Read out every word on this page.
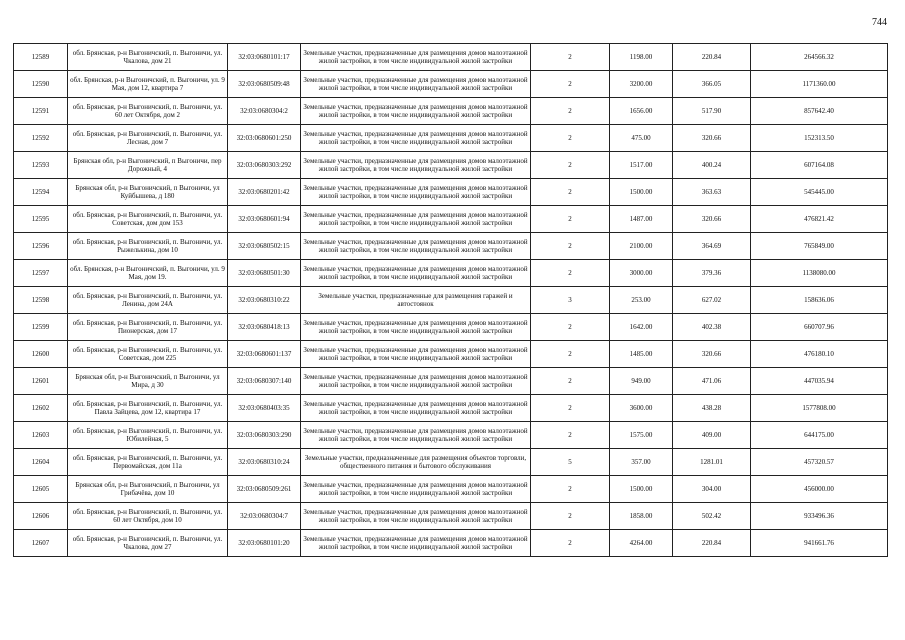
744
12589	обл. Брянская, р-н Выгоничский, п. Выгоничи, ул. Чкалова, дом 21	32:03:0680101:17	Земельные участки, предназначенные для размещения домов малоэтажной жилой застройки, в том числе индивидуальной жилой застройки	2	1198.00	220.84	264566.32
12590	обл. Брянская, р-н Выгоничский, п. Выгоничи, ул. 9 Мая, дом 12, квартира 7	32:03:0680509:48	Земельные участки, предназначенные для размещения домов малоэтажной жилой застройки, в том числе индивидуальной жилой застройки	2	3200.00	366.05	1171360.00
12591	обл. Брянская, р-н Выгоничский, п. Выгоничи, ул. 60 лет Октября, дом 2	32:03:0680304:2	Земельные участки, предназначенные для размещения домов малоэтажной жилой застройки, в том числе индивидуальной жилой застройки	2	1656.00	517.90	857642.40
12592	обл. Брянская, р-н Выгоничский, п. Выгоничи, ул. Лесная, дом 7	32:03:0680601:250	Земельные участки, предназначенные для размещения домов малоэтажной жилой застройки, в том числе индивидуальной жилой застройки	2	475.00	320.66	152313.50
12593	Брянская обл, р-н Выгоничский, п Выгоничи, пер Дорожный, 4	32:03:0680303:292	Земельные участки, предназначенные для размещения домов малоэтажной жилой застройки, в том числе индивидуальной жилой застройки	2	1517.00	400.24	607164.08
12594	Брянская обл, р-н Выгоничский, п Выгоничи, ул Куйбышева, д 180	32:03:0680201:42	Земельные участки, предназначенные для размещения домов малоэтажной жилой застройки, в том числе индивидуальной жилой застройки	2	1500.00	363.63	545445.00
12595	обл. Брянская, р-н Выгоничский, п. Выгоничи, ул. Советская, дом дом 153	32:03:0680601:94	Земельные участки, предназначенные для размещения домов малоэтажной жилой застройки, в том числе индивидуальной жилой застройки	2	1487.00	320.66	476821.42
12596	обл. Брянская, р-н Выгоничский, п. Выгоничи, ул. Рыжелькина, дом 10	32:03:0680502:15	Земельные участки, предназначенные для размещения домов малоэтажной жилой застройки, в том числе индивидуальной жилой застройки	2	2100.00	364.69	765849.00
12597	обл. Брянская, р-н Выгоничский, п. Выгоничи, ул. 9 Мая, дом 19.	32:03:0680501:30	Земельные участки, предназначенные для размещения домов малоэтажной жилой застройки, в том числе индивидуальной жилой застройки	2	3000.00	379.36	1138080.00
12598	обл. Брянская, р-н Выгоничский, п. Выгоничи, ул. Ленина, дом 24А	32:03:0680310:22	Земельные участки, предназначенные для размещения гаражей и автостоянок	3	253.00	627.02	158636.06
12599	обл. Брянская, р-н Выгоничский, п. Выгоничи, ул. Пионерская, дом 17	32:03:0680418:13	Земельные участки, предназначенные для размещения домов малоэтажной жилой застройки, в том числе индивидуальной жилой застройки	2	1642.00	402.38	660707.96
12600	обл. Брянская, р-н Выгоничский, п. Выгоничи, ул. Советская, дом 225	32:03:0680601:137	Земельные участки, предназначенные для размещения домов малоэтажной жилой застройки, в том числе индивидуальной жилой застройки	2	1485.00	320.66	476180.10
12601	Брянская обл, р-н Выгоничский, п Выгоничи, ул Мира, д 30	32:03:0680307:140	Земельные участки, предназначенные для размещения домов малоэтажной жилой застройки, в том числе индивидуальной жилой застройки	2	949.00	471.06	447035.94
12602	обл. Брянская, р-н Выгоничский, п. Выгоничи, ул. Павла Зайцева, дом 12, квартира 17	32:03:0680403:35	Земельные участки, предназначенные для размещения домов малоэтажной жилой застройки, в том числе индивидуальной жилой застройки	2	3600.00	438.28	1577808.00
12603	обл. Брянская, р-н Выгоничский, п. Выгоничи, ул. Юбилейная, 5	32:03:0680303:290	Земельные участки, предназначенные для размещения домов малоэтажной жилой застройки, в том числе индивидуальной жилой застройки	2	1575.00	409.00	644175.00
12604	обл. Брянская, р-н Выгоничский, п. Выгоничи, ул. Первомайская, дом 11а	32:03:0680310:24	Земельные участки, предназначенные для размещения объектов торговли, общественного питания и бытового обслуживания	5	357.00	1281.01	457320.57
12605	Брянская обл, р-н Выгоничский, п Выгоничи, ул Грибачёва, дом 10	32:03:0680509:261	Земельные участки, предназначенные для размещения домов малоэтажной жилой застройки, в том числе индивидуальной жилой застройки	2	1500.00	304.00	456000.00
12606	обл. Брянская, р-н Выгоничский, п. Выгоничи, ул. 60 лет Октября, дом 10	32:03:0680304:7	Земельные участки, предназначенные для размещения домов малоэтажной жилой застройки, в том числе индивидуальной жилой застройки	2	1858.00	502.42	933496.36
12607	обл. Брянская, р-н Выгоничский, п. Выгоничи, ул. Чкалова, дом 27	32:03:0680101:20	Земельные участки, предназначенные для размещения домов малоэтажной жилой застройки, в том числе индивидуальной жилой застройки	2	4264.00	220.84	941661.76
